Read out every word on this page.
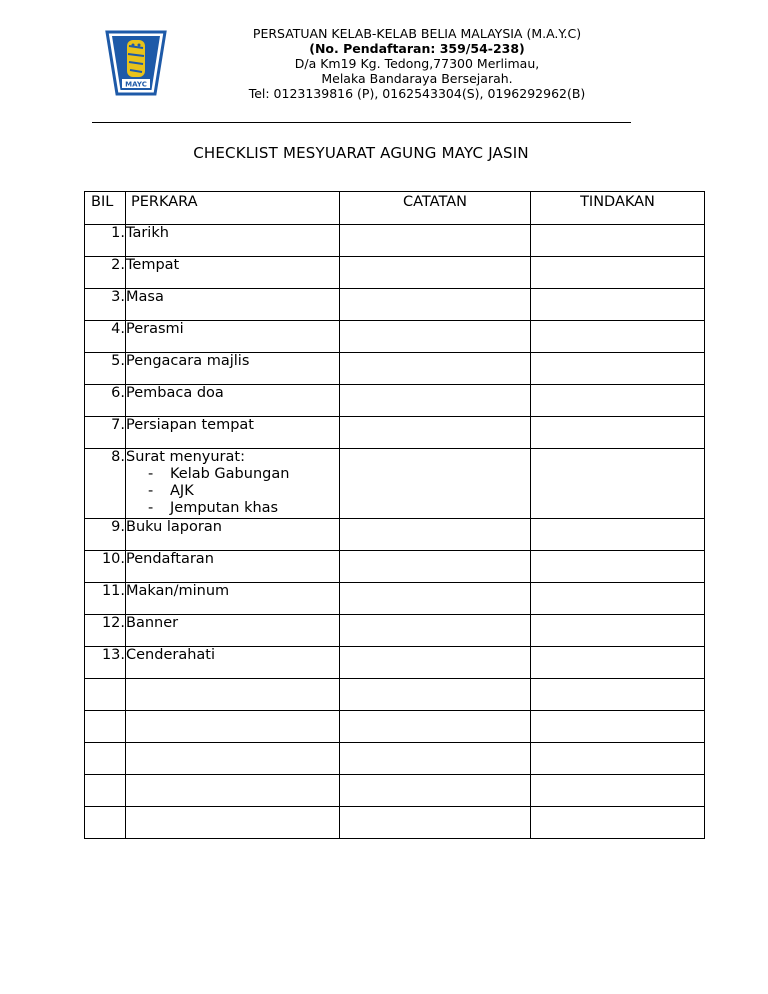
MAYC
PERSATUAN KELAB-KELAB BELIA MALAYSIA (M.A.Y.C)
(No. Pendaftaran: 359/54-238)
D/a Km19 Kg. Tedong,77300 Merlimau,
Melaka Bandaraya Bersejarah.
Tel: 0123139816 (P), 0162543304(S), 0196292962(B)
CHECKLIST MESYUARAT AGUNG MAYC JASIN
BIL	PERKARA	CATATAN	TINDAKAN
1.	Tarikh		
2.	Tempat		
3.	Masa		
4.	Perasmi		
5.	Pengacara majlis		
6.	Pembaca doa		
7.	Persiapan tempat		
8.	Surat menyurat:
- Kelab Gabungan
- AJK
- Jemputan khas		

9.	Buku laporan		
10.	Pendaftaran		
11.	Makan/minum		
12.	Banner		
13.	Cenderahati		
